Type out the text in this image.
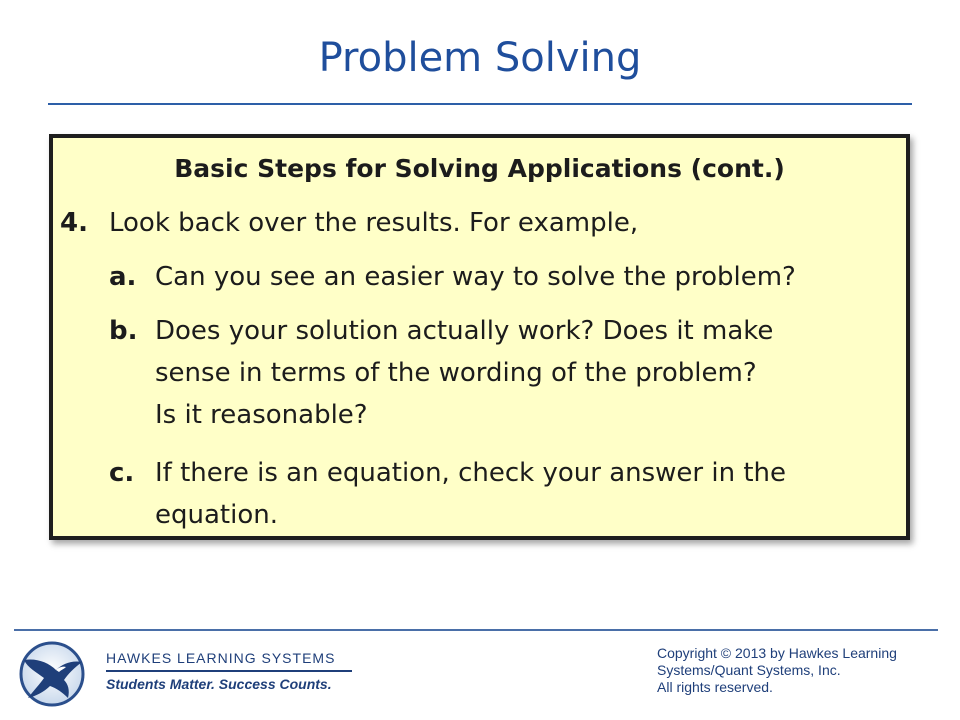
Problem Solving
Basic Steps for Solving Applications (cont.)
4. Look back over the results. For example,
a. Can you see an easier way to solve the problem?
b. Does your solution actually work? Does it make
sense in terms of the wording of the problem?
Is it reasonable?
c. If there is an equation, check your answer in the
equation.
HAWKES LEARNING SYSTEMS
Students Matter. Success Counts.
Copyright © 2013 by Hawkes Learning
Systems/Quant Systems, Inc.
All rights reserved.
